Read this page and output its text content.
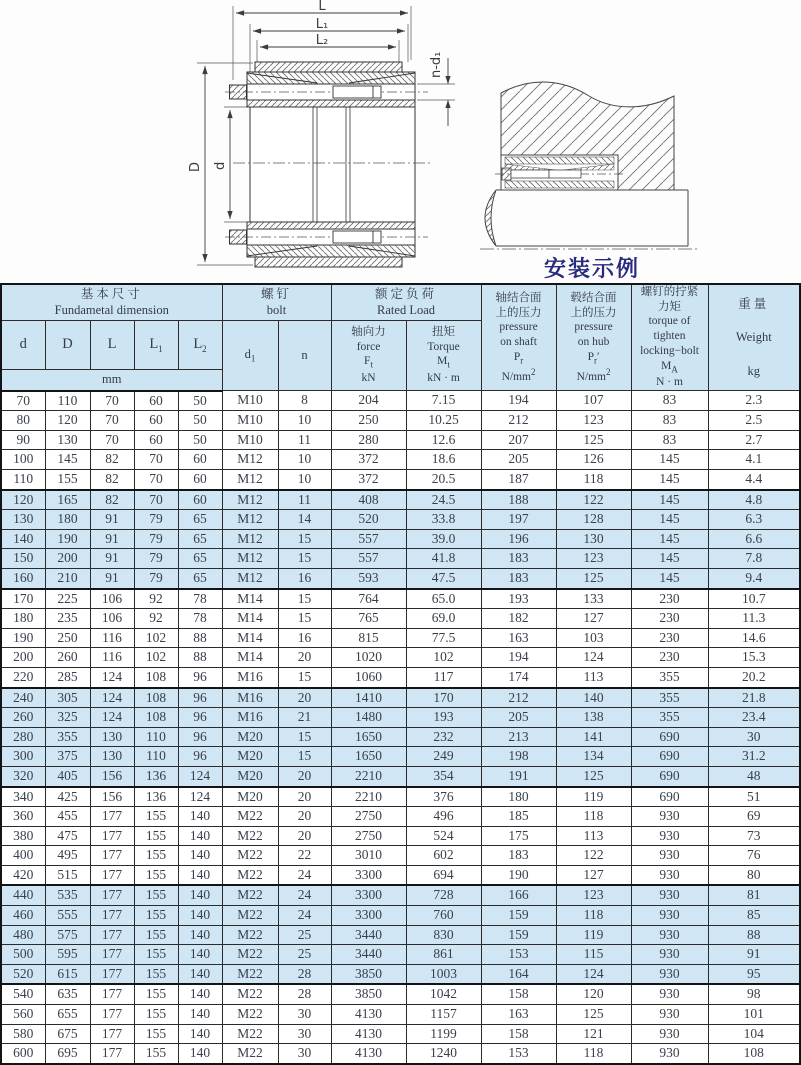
L
L₁
L₂
n-d₁
D d
安装示例
基本尺寸
Fundametal dimension

螺钉
bolt

额定负荷
Rated Load

轴结合面
上的压力
pressure
on shaft
$P_r$
$N/mm^2$

毂结合面
上的压力
pressure
on hub
$P_r'$
$N/mm^2$

螺钉的拧紧
力矩
torque of
tighten
locking−bolt
$M_A$
N · m

重量
Weight
kg

d	D	L	$L_1$	$L_2$	$d_1$	n	
轴向力
force
$F_t$
kN

扭矩
Torque
$M_t$
kN · m

mm												
70	110	70	60	50	M10	8	204	7.15	194	107	83	2.3
80	120	70	60	50	M10	10	250	10.25	212	123	83	2.5
90	130	70	60	50	M10	11	280	12.6	207	125	83	2.7
100	145	82	70	60	M12	10	372	18.6	205	126	145	4.1
110	155	82	70	60	M12	10	372	20.5	187	118	145	4.4
120	165	82	70	60	M12	11	408	24.5	188	122	145	4.8
130	180	91	79	65	M12	14	520	33.8	197	128	145	6.3
140	190	91	79	65	M12	15	557	39.0	196	130	145	6.6
150	200	91	79	65	M12	15	557	41.8	183	123	145	7.8
160	210	91	79	65	M12	16	593	47.5	183	125	145	9.4
170	225	106	92	78	M14	15	764	65.0	193	133	230	10.7
180	235	106	92	78	M14	15	765	69.0	182	127	230	11.3
190	250	116	102	88	M14	16	815	77.5	163	103	230	14.6
200	260	116	102	88	M14	20	1020	102	194	124	230	15.3
220	285	124	108	96	M16	15	1060	117	174	113	355	20.2
240	305	124	108	96	M16	20	1410	170	212	140	355	21.8
260	325	124	108	96	M16	21	1480	193	205	138	355	23.4
280	355	130	110	96	M20	15	1650	232	213	141	690	30
300	375	130	110	96	M20	15	1650	249	198	134	690	31.2
320	405	156	136	124	M20	20	2210	354	191	125	690	48
340	425	156	136	124	M20	20	2210	376	180	119	690	51
360	455	177	155	140	M22	20	2750	496	185	118	930	69
380	475	177	155	140	M22	20	2750	524	175	113	930	73
400	495	177	155	140	M22	22	3010	602	183	122	930	76
420	515	177	155	140	M22	24	3300	694	190	127	930	80
440	535	177	155	140	M22	24	3300	728	166	123	930	81
460	555	177	155	140	M22	24	3300	760	159	118	930	85
480	575	177	155	140	M22	25	3440	830	159	119	930	88
500	595	177	155	140	M22	25	3440	861	153	115	930	91
520	615	177	155	140	M22	28	3850	1003	164	124	930	95
540	635	177	155	140	M22	28	3850	1042	158	120	930	98
560	655	177	155	140	M22	30	4130	1157	163	125	930	101
580	675	177	155	140	M22	30	4130	1199	158	121	930	104
600	695	177	155	140	M22	30	4130	1240	153	118	930	108
